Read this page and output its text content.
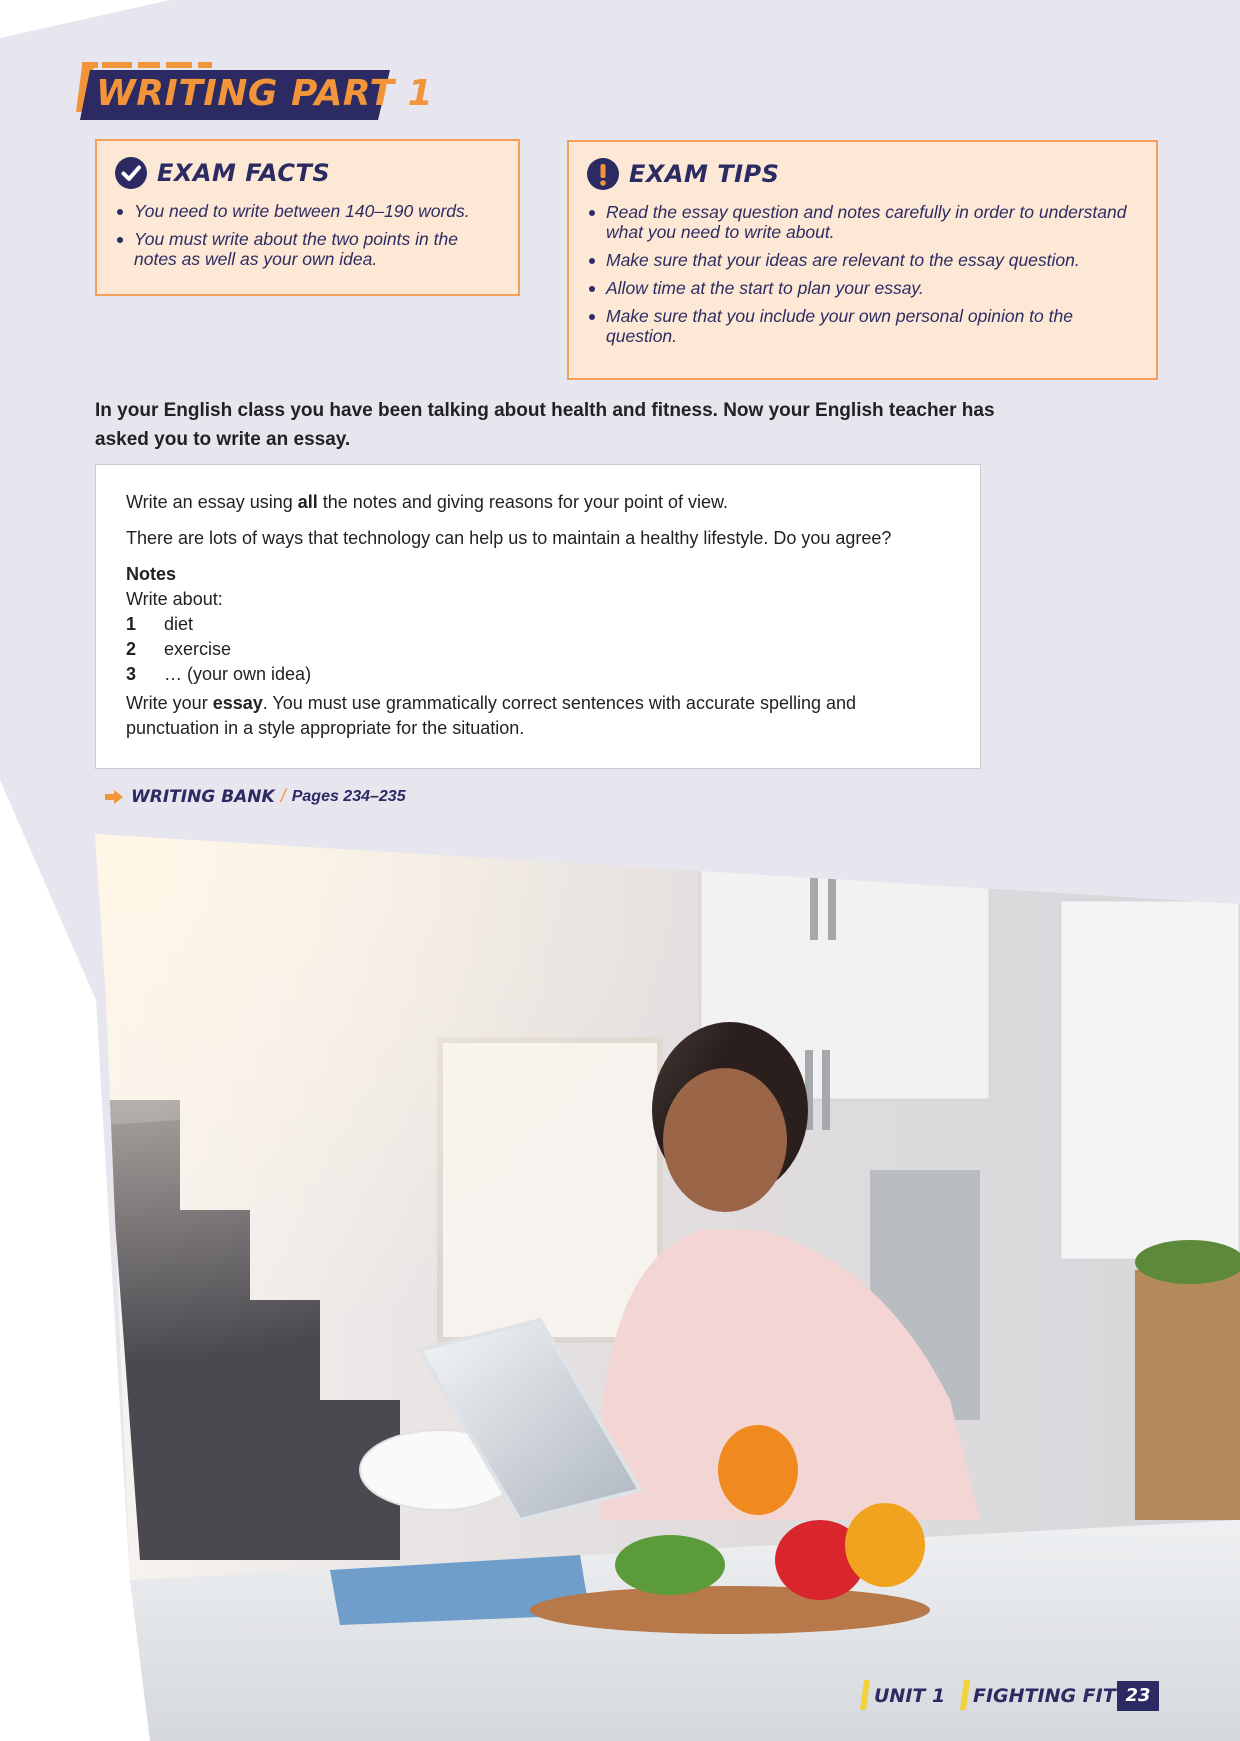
WRITING PART 1
EXAM FACTS
You need to write between 140–190 words.
You must write about the two points in the notes as well as your own idea.
EXAM TIPS
Read the essay question and notes carefully in order to understand what you need to write about.
Make sure that your ideas are relevant to the essay question.
Allow time at the start to plan your essay.
Make sure that you include your own personal opinion to the question.

In your English class you have been talking about health and fitness. Now your English teacher has asked you to write an essay.

Write an essay using all the notes and giving reasons for your point of view.

There are lots of ways that technology can help us to maintain a healthy lifestyle. Do you agree?

Notes

Write about:

1	diet
2	exercise
3	… (your own idea)

Write your essay. You must use grammatically correct sentences with accurate spelling and punctuation in a style appropriate for the situation.

WRITING BANK / Pages 234–235
UNIT 1 FIGHTING FIT 23
